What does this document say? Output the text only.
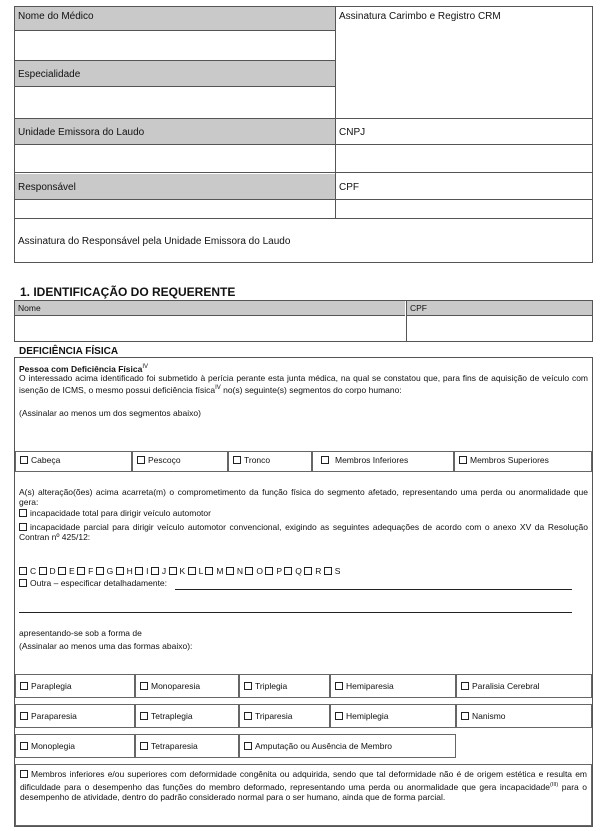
Nome do Médico	Assinatura Carimbo e Registro CRM
Especialidade
Unidade Emissora do Laudo	CNPJ
Responsável	CPF
Assinatura do Responsável pela Unidade Emissora do Laudo
1. IDENTIFICAÇÃO DO REQUERENTE
Nome	CPF
DEFICIÊNCIA FÍSICA
Pessoa com Deficiência Física$^{IV}$
O interessado acima identificado foi submetido à perícia perante esta junta médica, na qual se constatou que, para fins de aquisição de veículo com isenção de ICMS, o mesmo possui deficiência física$^{IV}$ no(s) seguinte(s) segmentos do corpo humano:
(Assinalar ao menos um dos segmentos abaixo)
Cabeça	Pescoço	Tronco	Membros Inferiores	Membros Superiores
A(s) alteração(ões) acima acarreta(m) o comprometimento da função física do segmento afetado, representando uma perda ou anormalidade que gera:
incapacidade total para dirigir veículo automotor
incapacidade parcial para dirigir veículo automotor convencional, exigindo as seguintes adequações de acordo com o anexo XV da Resolução Contran nº 425/12:
C D E F G H I J K L M N O P Q R S
Outra – especificar detalhadamente:
apresentando-se sob a forma de
(Assinalar ao menos uma das formas abaixo):
Paraplegia	Monoparesia	Triplegia	Hemiparesia	Paralisia Cerebral
Paraparesia	Tetraplegia	Triparesia	Hemiplegia	Nanismo
Monoplegia	Tetraparesia	Amputação ou Ausência de Membro
Membros inferiores e/ou superiores com deformidade congênita ou adquirida, sendo que tal deformidade não é de origem estética e resulta em dificuldade para o desempenho das funções do membro deformado, representando uma perda ou anormalidade que gera incapacidade$^{(III)}$ para o desempenho de atividade, dentro do padrão considerado normal para o ser humano, ainda que de forma parcial.
